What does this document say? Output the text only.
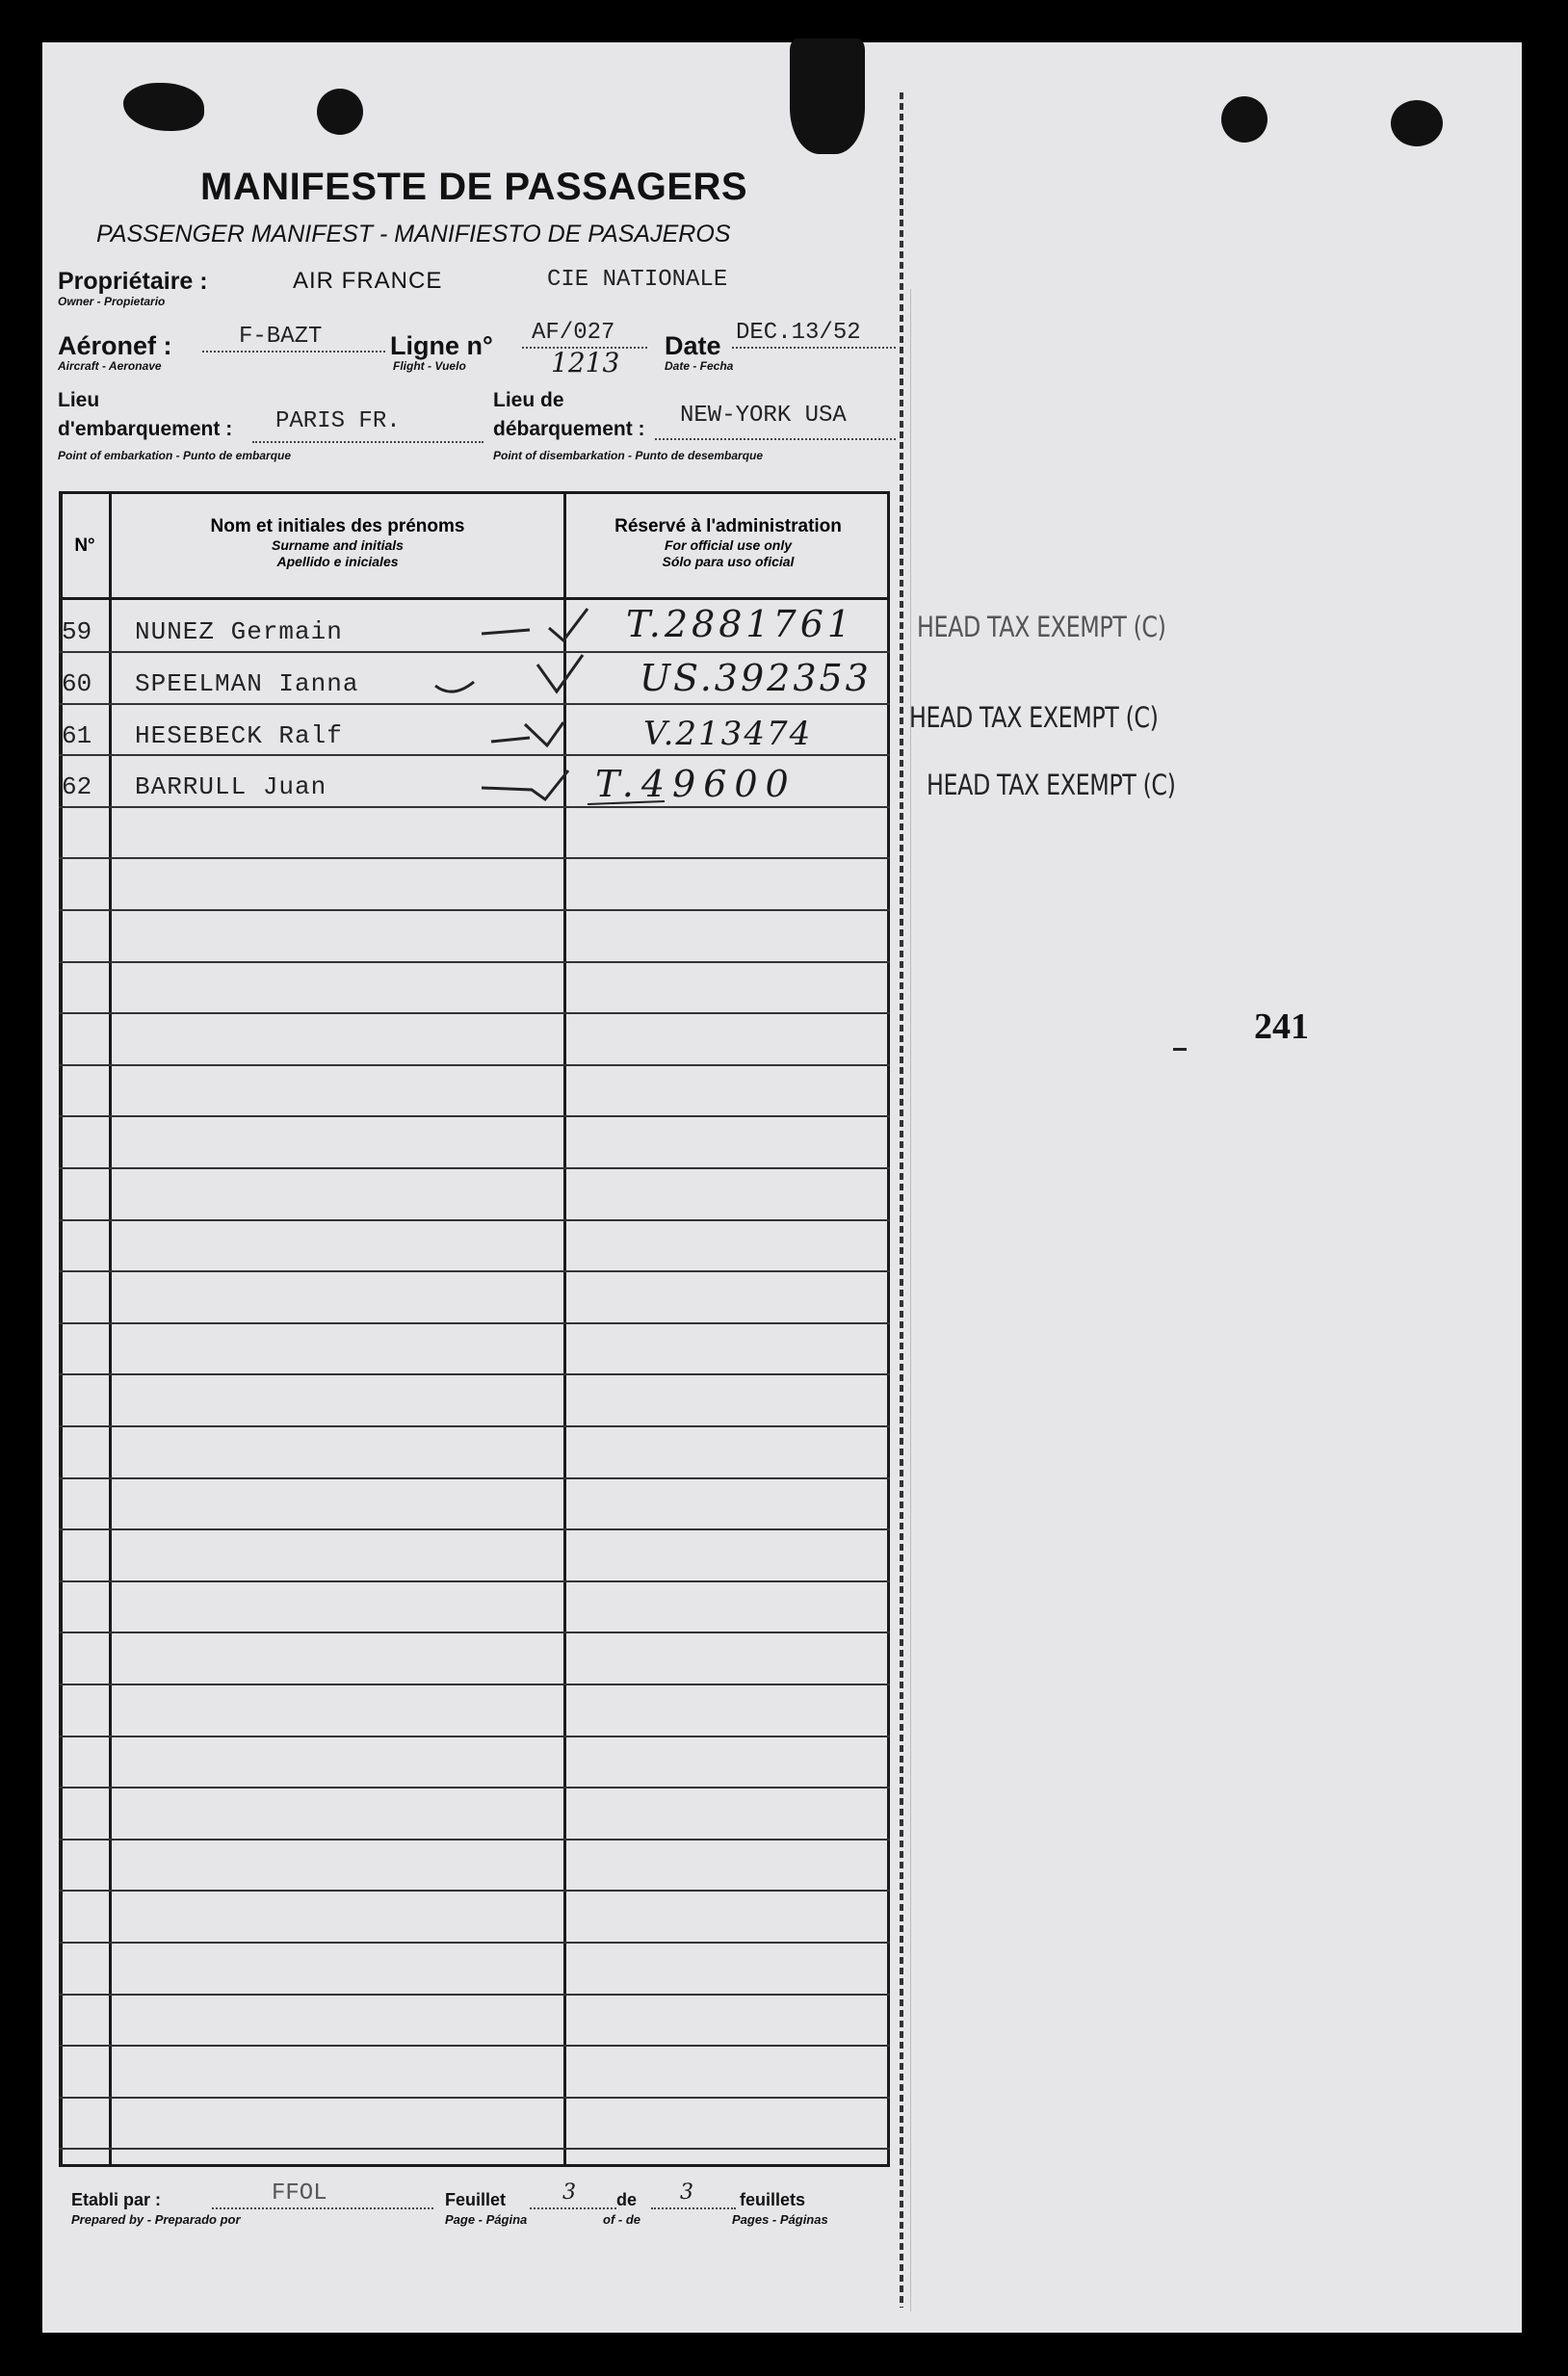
MANIFESTE DE PASSAGERS
PASSENGER MANIFEST - MANIFIESTO DE PASAJEROS
Propriétaire :
Owner - Propietario
AIR FRANCE	CIE NATIONALE
Aéronef :
Aircraft - Aeronave
F-BAZT	Ligne n°
Flight - Vuelo
AF/027
1213
Date
Date - Fecha
DEC.13/52
Lieu
d'embarquement :
Point of embarkation - Punto de embarque
PARIS FR.
Lieu de
débarquement :
Point of disembarkation - Punto de desembarque
NEW-YORK USA
N°
Nom et initiales des prénoms
Surname and initials
Apellido e iniciales
Réservé à l'administration
For official use only
Sólo para uso oficial
59 NUNEZ Germain	T.2881761
60 SPEELMAN Ianna	US.392353
61 HESEBECK Ralf	V.213474
62 BARRULL Juan	T.49600
HEAD TAX EXEMPT (C)
HEAD TAX EXEMPT (C)
HEAD TAX EXEMPT (C)
241
Etabli par :
Prepared by - Preparado por
FFOL	Feuillet
Page - Página
3 de
of - de
3	feuillets
Pages - Páginas
